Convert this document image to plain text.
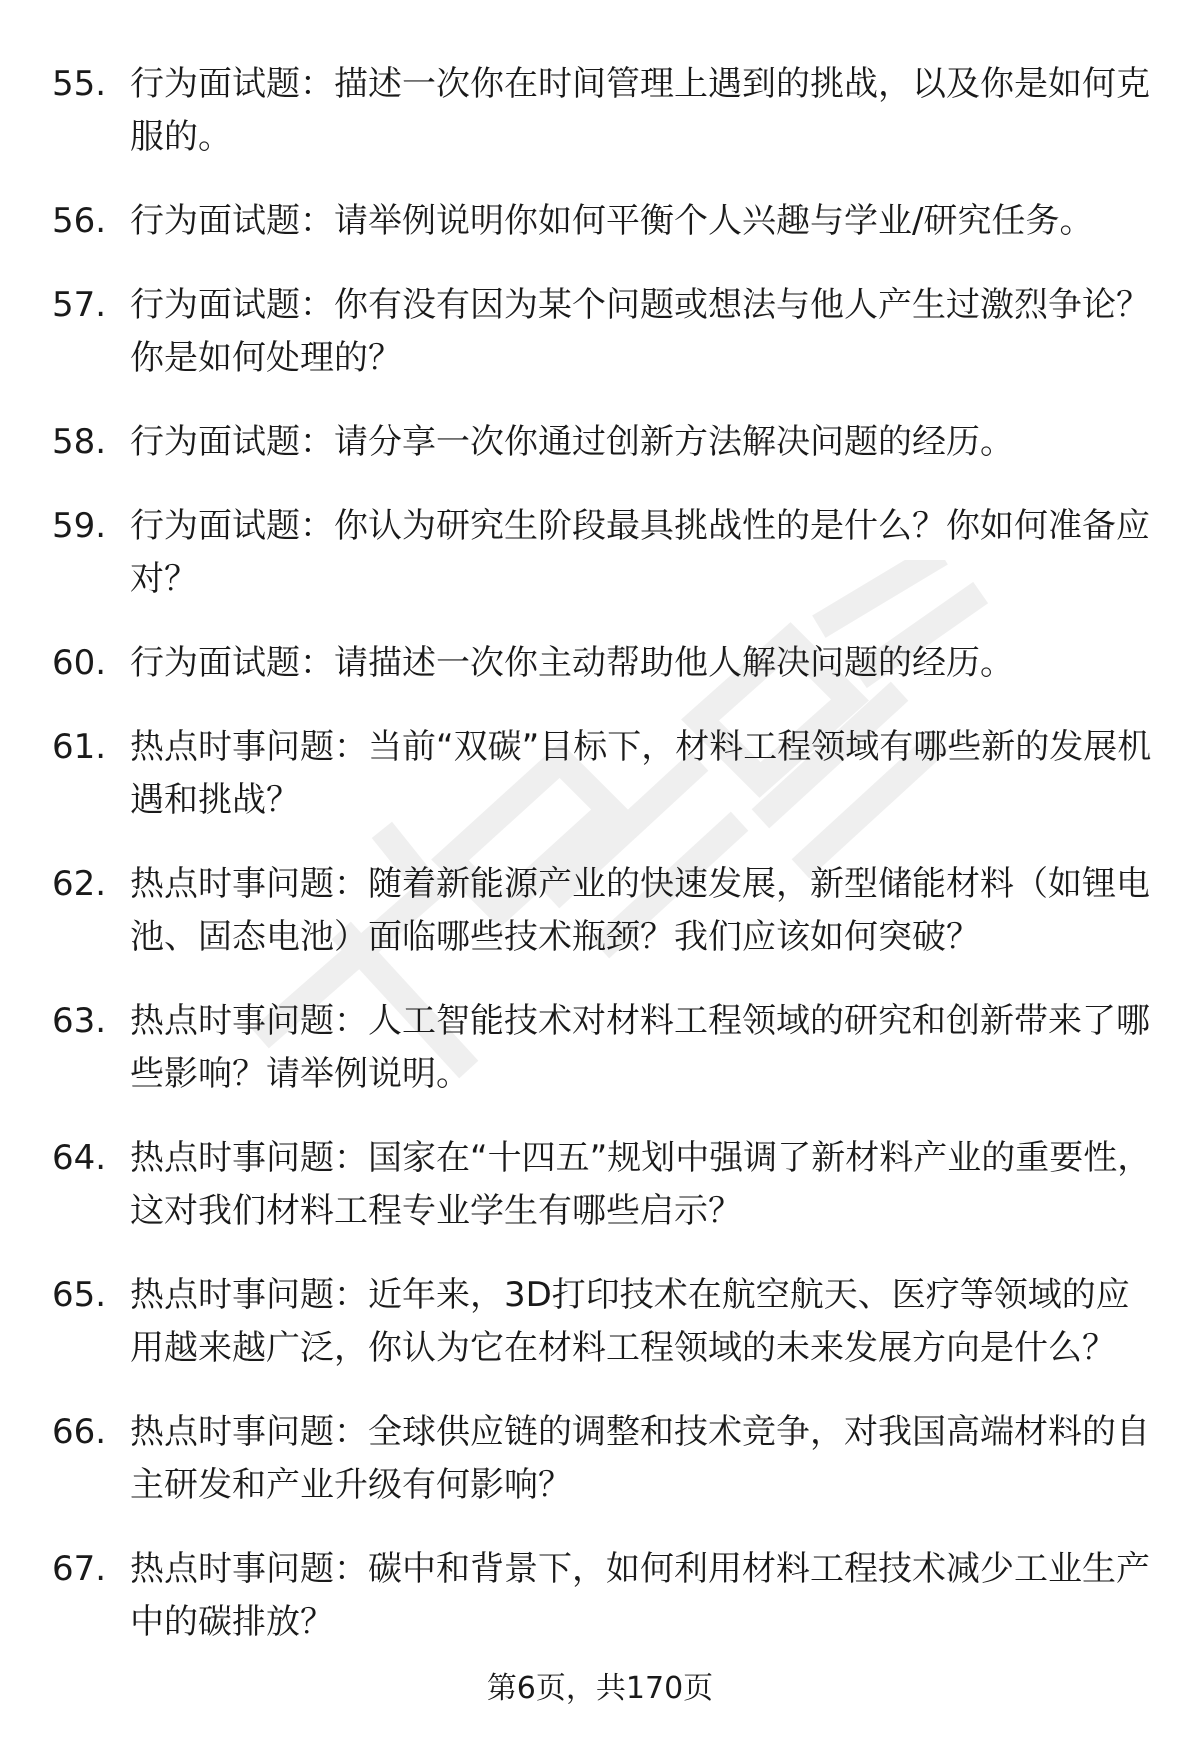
55. 行为面试题：描述一次你在时间管理上遇到的挑战，以及你是如何克服的。
56. 行为面试题：请举例说明你如何平衡个人兴趣与学业/研究任务。
57. 行为面试题：你有没有因为某个问题或想法与他人产生过激烈争论？你是如何处理的？
58. 行为面试题：请分享一次你通过创新方法解决问题的经历。
59. 行为面试题：你认为研究生阶段最具挑战性的是什么？你如何准备应对？
60. 行为面试题：请描述一次你主动帮助他人解决问题的经历。
61. 热点时事问题：当前“双碳”目标下，材料工程领域有哪些新的发展机遇和挑战？
62. 热点时事问题：随着新能源产业的快速发展，新型储能材料（如锂电池、固态电池）面临哪些技术瓶颈？我们应该如何突破？
63. 热点时事问题：人工智能技术对材料工程领域的研究和创新带来了哪些影响？请举例说明。
64. 热点时事问题：国家在“十四五”规划中强调了新材料产业的重要性，这对我们材料工程专业学生有哪些启示？
65. 热点时事问题：近年来，3D打印技术在航空航天、医疗等领域的应用越来越广泛，你认为它在材料工程领域的未来发展方向是什么？
66. 热点时事问题：全球供应链的调整和技术竞争，对我国高端材料的自主研发和产业升级有何影响？
67. 热点时事问题：碳中和背景下，如何利用材料工程技术减少工业生产中的碳排放？
第6页，共170页
